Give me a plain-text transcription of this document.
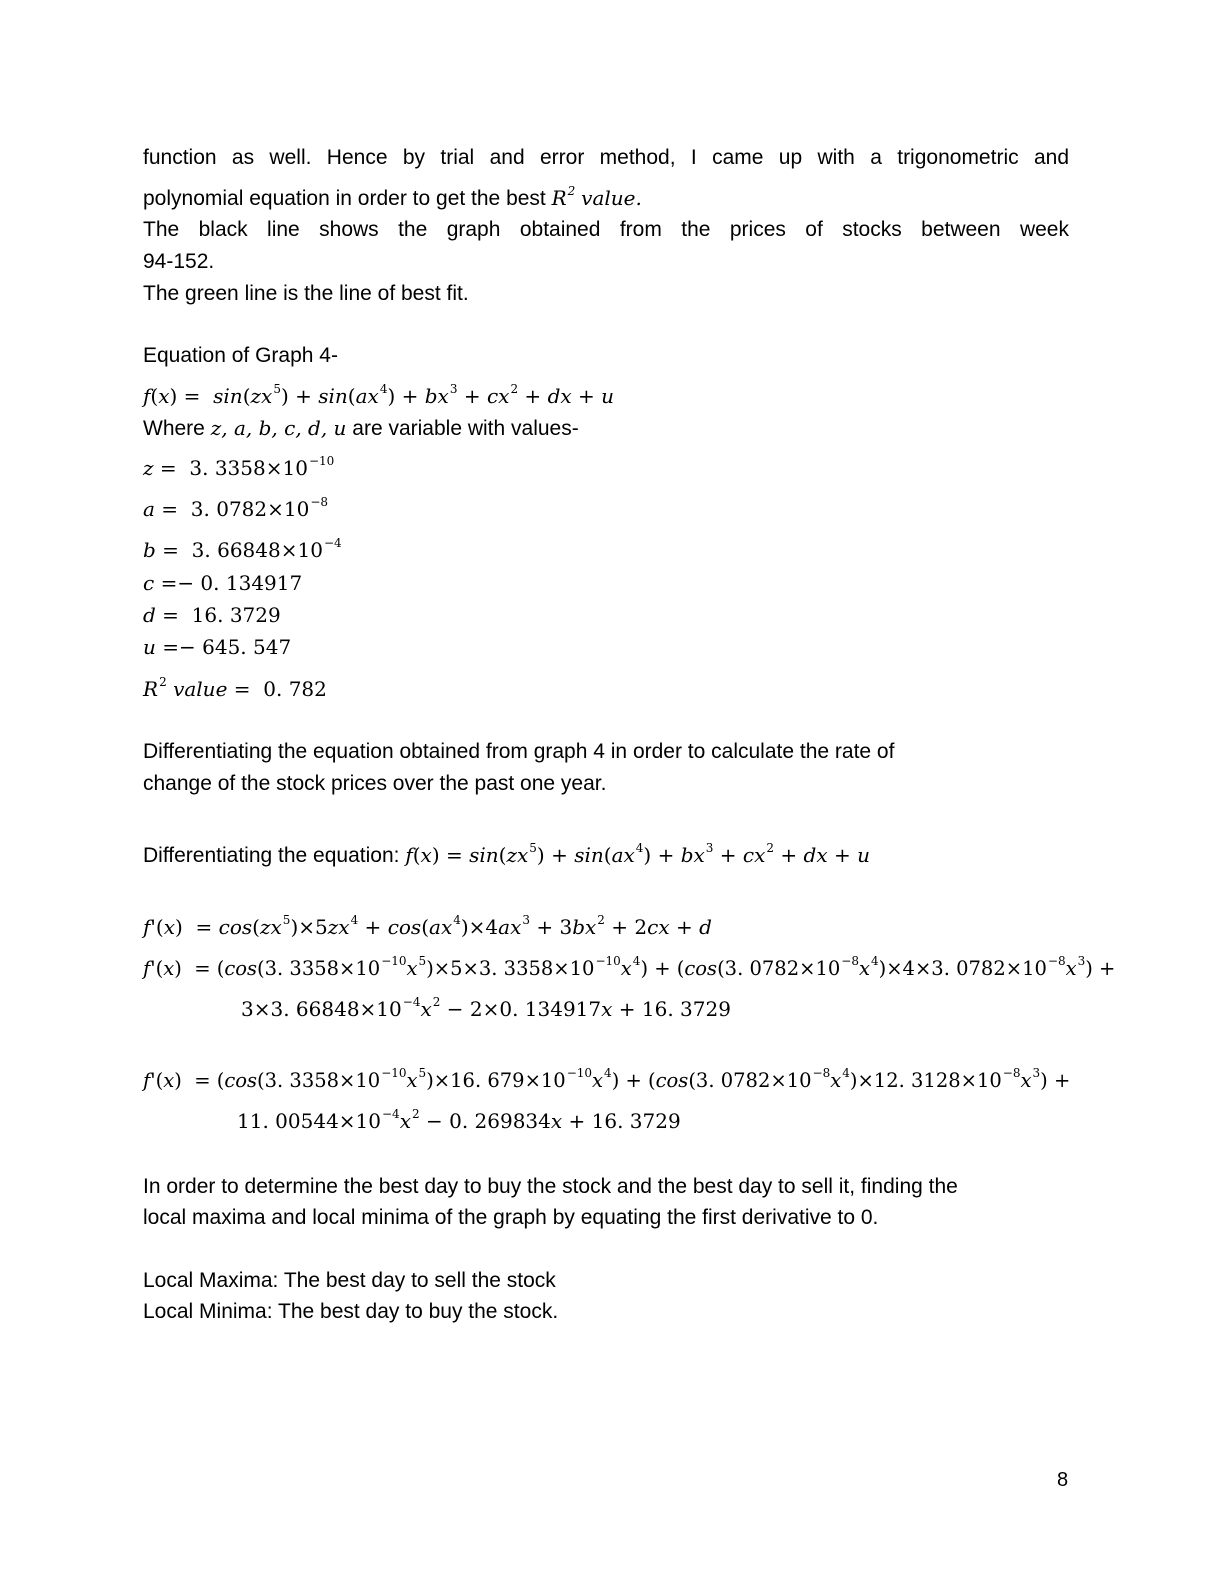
function as well. Hence by trial and error method, I came up with a trigonometric and

polynomial equation in order to get the best $R^2$ value.

The black line shows the graph obtained from the prices of stocks between week

94-152.

The green line is the line of best fit.

Equation of Graph 4-

$f(x) = \sin(zx^5) + \sin(ax^4) + bx^3 + cx^2$ + dx + u

Where z, a, b, c, d, u are variable with values-

z =  3. $3358\times 10^{-10}$

a =  3. $0782\times 10^{-8}$

b =  3. $66848\times 10^{-4}$

c =− 0. 134917

d =  16. 3729

u =− 645. 547

$R^2$ value =  0. 782

Differentiating the equation obtained from graph 4 in order to calculate the rate of

change of the stock prices over the past one year.

Differentiating the equation: $f(x) = \sin(zx^5) + \sin(ax^4) + bx^3 + cx^2$ + dx + u

$f'(x) = \cos(zx^5)\times 5zx^4 + \cos(ax^4)\times 4ax^3 + 3bx^2 + 2cx + d$

f'(x)  = (cos(3. $3358\times 10^{-10}x^5)\times 5\times 3$. $3358\times 10^{-10}x^4) + (\cos(3$. $0782\times 10^{-8}x^4)\times 4\times 3$. $0782\times 10^{-8}x^3$) +

3×3. $66848\times 10^{-4}x^2 - 2\times 0$. 134917x + 16. 3729

f'(x)  = (cos(3. $3358\times 10^{-10}x^5)\times 16$. $679\times 10^{-10}x^4) + (\cos(3$. $0782\times 10^{-8}x^4)\times 12$. $3128\times 10^{-8}x^3$) +

11. $00544\times 10^{-4}x^2 - 0$. 269834x + 16. 3729

In order to determine the best day to buy the stock and the best day to sell it, finding the

local maxima and local minima of the graph by equating the first derivative to 0.

Local Maxima: The best day to sell the stock

Local Minima: The best day to buy the stock.

8
